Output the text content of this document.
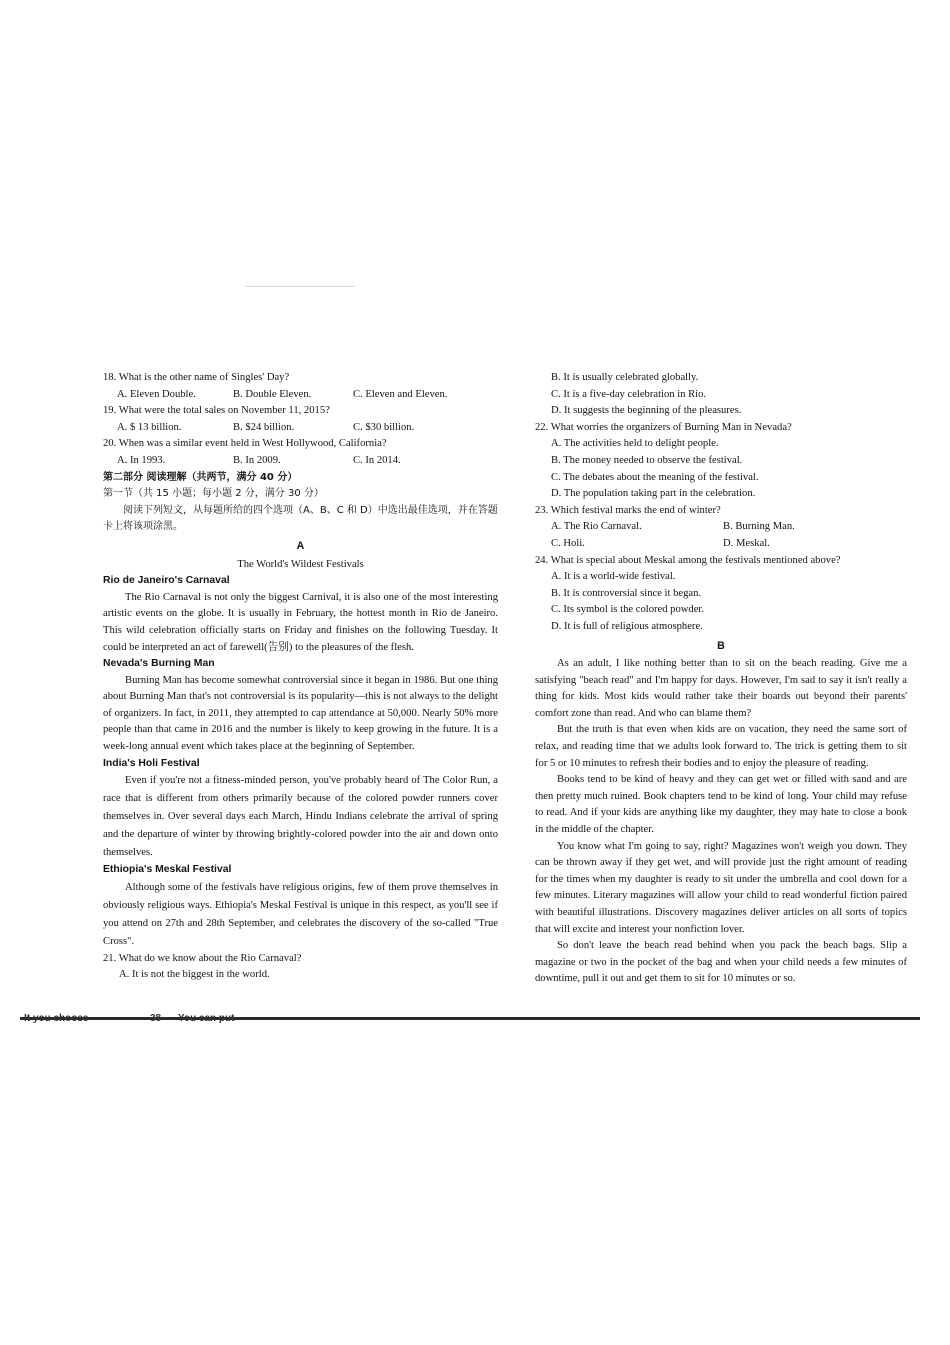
18. What is the other name of Singles' Day?

A. Eleven Double.	B. Double Eleven.	C. Eleven and Eleven.

19. What were the total sales on November 11, 2015?

A. $ 13 billion.	B. $24 billion.	C. $30 billion.

20. When was a similar event held in West Hollywood, California?

A. In 1993.	B. In 2009.	C. In 2014.

第二部分 阅读理解（共两节，满分 40 分）

第一节（共 15 小题；每小题 2 分，满分 30 分）

阅读下列短文，从每题所给的四个选项（A、B、C 和 D）中选出最佳选项，并在答题卡上将该项涂黑。

A

The World's Wildest Festivals

Rio de Janeiro's Carnaval

The Rio Carnaval is not only the biggest Carnival, it is also one of the most interesting artistic events on the globe. It is usually in February, the hottest month in Rio de Janeiro. This wild celebration officially starts on Friday and finishes on the following Tuesday. It could be interpreted an act of farewell(告别) to the pleasures of the flesh.

Nevada's Burning Man

Burning Man has become somewhat controversial since it began in 1986. But one thing about Burning Man that's not controversial is its popularity—this is not always to the delight of organizers. In fact, in 2011, they attempted to cap attendance at 50,000. Nearly 50% more people than that came in 2016 and the number is likely to keep growing in the future. It is a week-long annual event which takes place at the beginning of September.

India's Holi Festival

Even if you're not a fitness-minded person, you've probably heard of The Color Run, a race that is different from others primarily because of the colored powder runners cover themselves in. Over several days each March, Hindu Indians celebrate the arrival of spring and the departure of winter by throwing brightly-colored powder into the air and down onto themselves.

Ethiopia's Meskal Festival

Although some of the festivals have religious origins, few of them prove themselves in obviously religious ways. Ethiopia's Meskal Festival is unique in this respect, as you'll see if you attend on 27th and 28th September, and celebrates the discovery of the so-called "True Cross".

21. What do we know about the Rio Carnaval?

A. It is not the biggest in the world.

B. It is usually celebrated globally.

C. It is a five-day celebration in Rio.

D. It suggests the beginning of the pleasures.

22. What worries the organizers of Burning Man in Nevada?

A. The activities held to delight people.

B. The money needed to observe the festival.

C. The debates about the meaning of the festival.

D. The population taking part in the celebration.

23. Which festival marks the end of winter?

A. The Rio Carnaval.	B. Burning Man.
C. Holi.	D. Meskal.

24. What is special about Meskal among the festivals mentioned above?

A. It is a world-wide festival.

B. It is controversial since it began.

C. Its symbol is the colored powder.

D. It is full of religious atmosphere.

B

As an adult, I like nothing better than to sit on the beach reading. Give me a satisfying "beach read" and I'm happy for days. However, I'm sad to say it isn't really a thing for kids. Most kids would rather take their boards out beyond their parents' comfort zone than read. And who can blame them?

But the truth is that even when kids are on vacation, they need the same sort of relax, and reading time that we adults look forward to. The trick is getting them to sit for 5 or 10 minutes to refresh their bodies and to enjoy the pleasure of reading.

Books tend to be kind of heavy and they can get wet or filled with sand and are then pretty much ruined. Book chapters tend to be kind of long. Your child may refuse to read. And if your kids are anything like my daughter, they may hate to close a book in the middle of the chapter.

You know what I'm going to say, right? Magazines won't weigh you down. They can be thrown away if they get wet, and will provide just the right amount of reading for the times when my daughter is ready to sit under the umbrella and cool down for a few minutes. Literary magazines will allow your child to read wonderful fiction paired with beautiful illustrations. Discovery magazines deliver articles on all sorts of topics that will excite and interest your nonfiction lover.

So don't leave the beach read behind when you pack the beach bags. Slip a magazine or two in the pocket of the bag and when your child needs a few minutes of downtime, pull it out and get them to sit for 10 minutes or so.

It you choose	38 You can put
